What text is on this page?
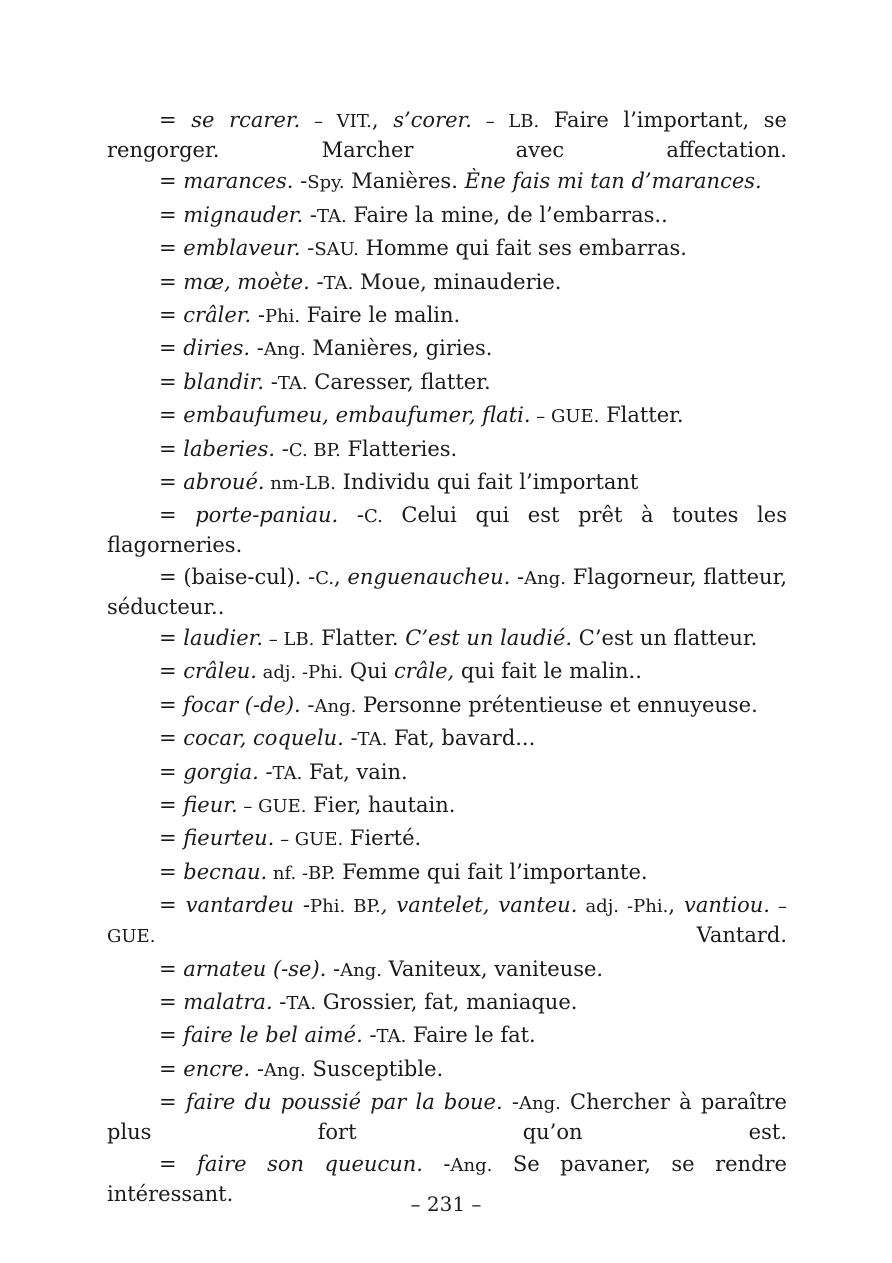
= se rcarer. – VIT., s’corer. – LB. Faire l’important, se rengorger. Marcher avec affectation.

= marances. -Spy. Manières. Ène fais mi tan d’marances.

= mignauder. -TA. Faire la mine, de l’embarras..

= emblaveur. -SAU. Homme qui fait ses embarras.

= mœ, moète. -TA. Moue, minauderie.

= crâler. -Phi. Faire le malin.

= diries. -Ang. Manières, giries.

= blandir. -TA. Caresser, flatter.

= embaufumeu, embaufumer, flati. – GUE. Flatter.

= laberies. -C. BP. Flatteries.

= abroué. nm-LB. Individu qui fait l’important

= porte-paniau. -C. Celui qui est prêt à toutes les flagorneries.

= (baise-cul). -C., enguenaucheu. -Ang. Flagorneur, flatteur, séducteur..

= laudier. – LB. Flatter. C’est un laudié. C’est un flatteur.

= crâleu. adj. -Phi. Qui crâle, qui fait le malin..

= focar (-de). -Ang. Personne prétentieuse et ennuyeuse.

= cocar, coquelu. -TA. Fat, bavard...

= gorgia. -TA. Fat, vain.

= fieur. – GUE. Fier, hautain.

= fieurteu. – GUE. Fierté.

= becnau. nf. -BP. Femme qui fait l’importante.

= vantardeu -Phi. BP., vantelet, vanteu. adj. -Phi., vantiou. – GUE. Vantard.

= arnateu (-se). -Ang. Vaniteux, vaniteuse.

= malatra. -TA. Grossier, fat, maniaque.

= faire le bel aimé. -TA. Faire le fat.

= encre. -Ang. Susceptible.

= faire du poussié par la boue. -Ang. Chercher à paraître plus fort qu’on est.

= faire son queucun. -Ang. Se pavaner, se rendre intéressant.	– 231 –
